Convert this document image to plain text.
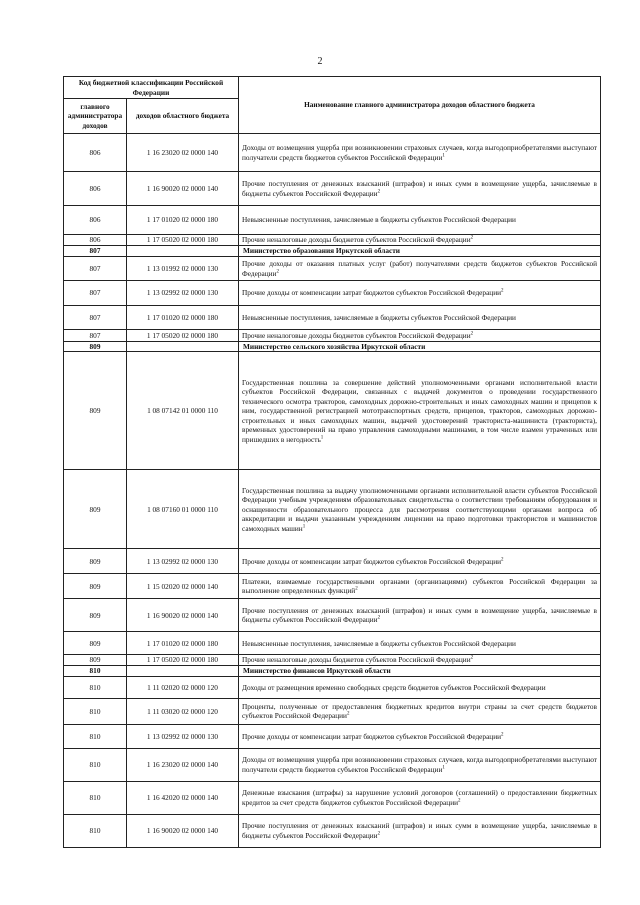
2
Код бюджетной классификации Российской Федерации		Наименование главного администратора доходов областного бюджета
главного администратора доходов	доходов областного бюджета	
806	1 16 23020 02 0000 140	Доходы от возмещения ущерба при возникновении страховых случаев, когда выгодоприобретателями выступают получатели средств бюджетов субъектов Российской Федерации$^1$
806	1 16 90020 02 0000 140	Прочие поступления от денежных взысканий (штрафов) и иных сумм в возмещение ущерба, зачисляемые в бюджеты субъектов Российской Федерации$^2$
806	1 17 01020 02 0000 180	Невыясненные поступления, зачисляемые в бюджеты субъектов Российской Федерации
806	1 17 05020 02 0000 180	Прочие неналоговые доходы бюджетов субъектов Российской Федерации$^2$
807		Министерство образования Иркутской области
807	1 13 01992 02 0000 130	Прочие доходы от оказания платных услуг (работ) получателями средств бюджетов субъектов Российской Федерации$^2$
807	1 13 02992 02 0000 130	Прочие доходы от компенсации затрат бюджетов субъектов Российской Федерации$^2$
807	1 17 01020 02 0000 180	Невыясненные поступления, зачисляемые в бюджеты субъектов Российской Федерации
807	1 17 05020 02 0000 180	Прочие неналоговые доходы бюджетов субъектов Российской Федерации$^2$
809		Министерство сельского хозяйства Иркутской области
809	1 08 07142 01 0000 110	Государственная пошлина за совершение действий уполномоченными органами исполнительной власти субъектов Российской Федерации, связанных с выдачей документов о проведении государственного технического осмотра тракторов, самоходных дорожно-строительных и иных самоходных машин и прицепов к ним, государственной регистрацией мототранспортных средств, прицепов, тракторов, самоходных дорожно-строительных и иных самоходных машин, выдачей удостоверений тракториста-машиниста (тракториста), временных удостоверений на право управления самоходными машинами, в том числе взамен утраченных или пришедших в негодность$^1$
809	1 08 07160 01 0000 110	Государственная пошлина за выдачу уполномоченными органами исполнительной власти субъектов Российской Федерации учебным учреждениям образовательных свидетельства о соответствии требованиям оборудования и оснащенности образовательного процесса для рассмотрения соответствующими органами вопроса об аккредитации и выдачи указанным учреждениям лицензии на право подготовки трактористов и машинистов самоходных машин$^1$
809	1 13 02992 02 0000 130	Прочие доходы от компенсации затрат бюджетов субъектов Российской Федерации$^2$
809	1 15 02020 02 0000 140	Платежи, взимаемые государственными органами (организациями) субъектов Российской Федерации за выполнение определенных функций$^2$
809	1 16 90020 02 0000 140	Прочие поступления от денежных взысканий (штрафов) и иных сумм в возмещение ущерба, зачисляемые в бюджеты субъектов Российской Федерации$^2$
809	1 17 01020 02 0000 180	Невыясненные поступления, зачисляемые в бюджеты субъектов Российской Федерации
809	1 17 05020 02 0000 180	Прочие неналоговые доходы бюджетов субъектов Российской Федерации$^2$
810		Министерство финансов Иркутской области
810	1 11 02020 02 0000 120	Доходы от размещения временно свободных средств бюджетов субъектов Российской Федерации
810	1 11 03020 02 0000 120	Проценты, полученные от предоставления бюджетных кредитов внутри страны за счет средств бюджетов субъектов Российской Федерации$^2$
810	1 13 02992 02 0000 130	Прочие доходы от компенсации затрат бюджетов субъектов Российской Федерации$^2$
810	1 16 23020 02 0000 140	Доходы от возмещения ущерба при возникновении страховых случаев, когда выгодоприобретателями выступают получатели средств бюджетов субъектов Российской Федерации$^1$
810	1 16 42020 02 0000 140	Денежные взыскания (штрафы) за нарушение условий договоров (соглашений) о предоставлении бюджетных кредитов за счет средств бюджетов субъектов Российской Федерации$^2$
810	1 16 90020 02 0000 140	Прочие поступления от денежных взысканий (штрафов) и иных сумм в возмещение ущерба, зачисляемые в бюджеты субъектов Российской Федерации$^2$
